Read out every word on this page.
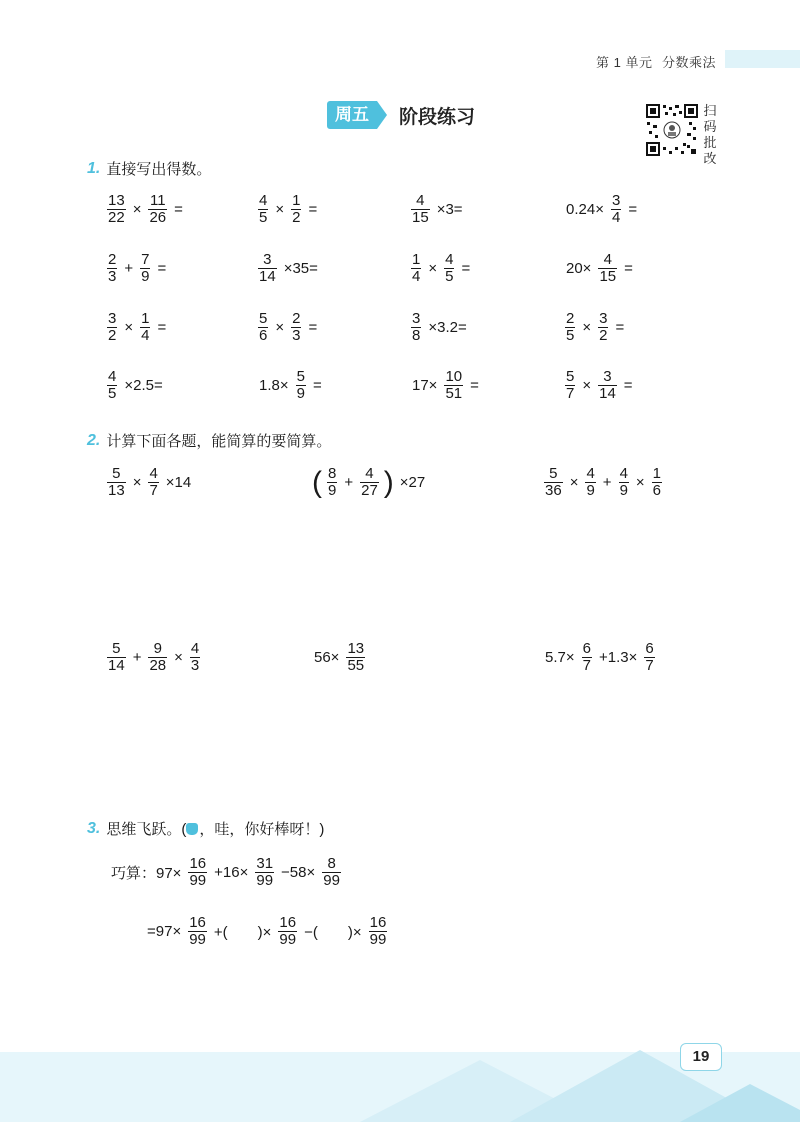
第 1 单元 分数乘法
周五	阶段练习	扫
码
批
改
1. 直接写出得数。
$\frac{13}{22} \times \frac{11}{26}$ =	$\frac{4}{5} \times \frac{1}{2}$ =	$\frac{4}{15} \times 3=$	$0.24\times \frac{3}{4}$ =
$\frac{2}{3} + \frac{7}{9}$ =	$\frac{3}{14} \times 35=$	$\frac{1}{4} \times \frac{4}{5}$ =	$20\times \frac{4}{15}$ =
$\frac{3}{2} \times \frac{1}{4}$ =	$\frac{5}{6} \times \frac{2}{3}$ =	$\frac{3}{8} \times 3.2=$	$\frac{2}{5} \times \frac{3}{2}$ =
$\frac{4}{5} \times 2.5=$	$1.8\times \frac{5}{9}$ =	$17\times \frac{10}{51}$ =	$\frac{5}{7} \times \frac{3}{14}$ =
2. 计算下面各题，能简算的要简算。
$\frac{5}{13} \times \frac{4}{7} \times 14$	( $\frac{8}{9} + \frac{4}{27}$ ) ×27	$\frac{5}{36} \times \frac{4}{9} + \frac{4}{9} \times \frac{1}{6}$
$\frac{5}{14} + \frac{9}{28} \times \frac{4}{3}$	$56\times \frac{13}{55}$	$5.7\times \frac{6}{7} +1.3\times \frac{6}{7}$
3. 思维飞跃。( ，哇，你好棒呀！)
巧算：$97\times \frac{16}{99} +16\times \frac{31}{99} -58\times \frac{8}{99}$
$=97\times \frac{16}{99}$ +(　　)× $\frac{16}{99}$ −(　　)× $\frac{16}{99}$
19
